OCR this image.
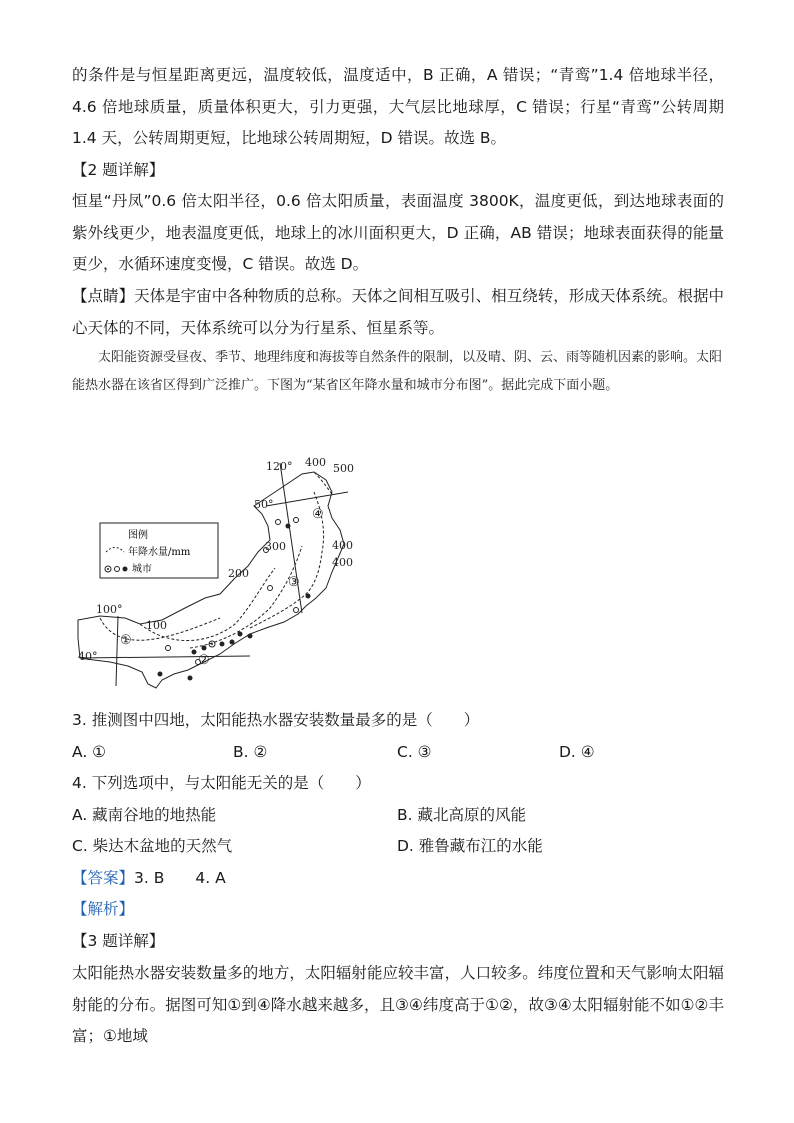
的条件是与恒星距离更远，温度较低，温度适中，B 正确，A 错误；“青鸾”1.4 倍地球半径，4.6 倍地球质量，质量体积更大，引力更强，大气层比地球厚，C 错误；行星“青鸾”公转周期 1.4 天，公转周期更短，比地球公转周期短，D 错误。故选 B。
【2 题详解】
恒星“丹凤”0.6 倍太阳半径，0.6 倍太阳质量，表面温度 3800K，温度更低，到达地球表面的紫外线更少，地表温度更低，地球上的冰川面积更大，D 正确，AB 错误；地球表面获得的能量更少，水循环速度变慢，C 错误。故选 D。
【点睛】天体是宇宙中各种物质的总称。天体之间相互吸引、相互绕转，形成天体系统。根据中心天体的不同，天体系统可以分为行星系、恒星系等。
太阳能资源受昼夜、季节、地理纬度和海拔等自然条件的限制，以及晴、阴、云、雨等随机因素的影响。太阳能热水器在该省区得到广泛推广。下图为“某省区年降水量和城市分布图”。据此完成下面小题。
图例
年降水量/mm
城市
120°
100°
50°
40°
400 500
400
400
300
200
100
①
②
③
④
3. 推测图中四地，太阳能热水器安装数量最多的是（　　）
A. ①	B. ②	C. ③	D. ④
4. 下列选项中，与太阳能无关的是（　　）
A. 藏南谷地的地热能	B. 藏北高原的风能
C. 柴达木盆地的天然气	D. 雅鲁藏布江的水能
【答案】3. B　　4. A
【解析】
【3 题详解】
太阳能热水器安装数量多的地方，太阳辐射能应较丰富，人口较多。纬度位置和天气影响太阳辐射能的分布。据图可知①到④降水越来越多，且③④纬度高于①②，故③④太阳辐射能不如①②丰富；①地域
